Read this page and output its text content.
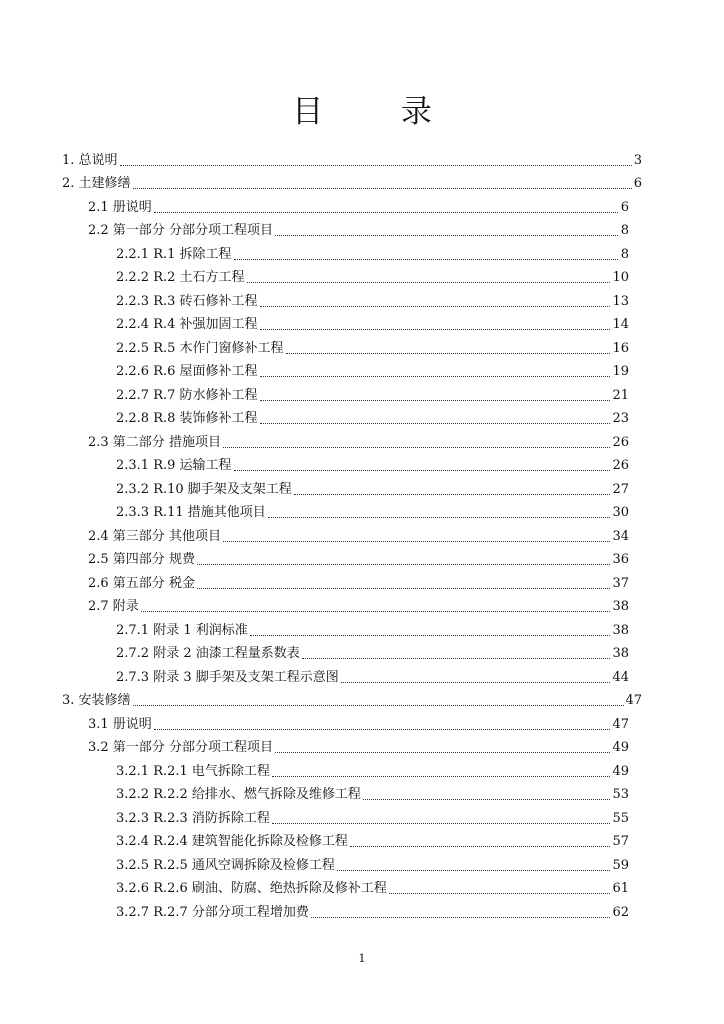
目 录
1. 总说明	3
2. 土建修缮	6
2.1 册说明	6
2.2 第一部分 分部分项工程项目	8
2.2.1 R.1 拆除工程	8
2.2.2 R.2 土石方工程	10
2.2.3 R.3 砖石修补工程	13
2.2.4 R.4 补强加固工程	14
2.2.5 R.5 木作门窗修补工程	16
2.2.6 R.6 屋面修补工程	19
2.2.7 R.7 防水修补工程	21
2.2.8 R.8 装饰修补工程	23
2.3 第二部分 措施项目	26
2.3.1 R.9 运输工程	26
2.3.2 R.10 脚手架及支架工程	27
2.3.3 R.11 措施其他项目	30
2.4 第三部分 其他项目	34
2.5 第四部分 规费	36
2.6 第五部分 税金	37
2.7 附录	38
2.7.1 附录 1 利润标准	38
2.7.2 附录 2 油漆工程量系数表	38
2.7.3 附录 3 脚手架及支架工程示意图	44
3. 安装修缮	47
3.1 册说明	47
3.2 第一部分 分部分项工程项目	49
3.2.1 R.2.1 电气拆除工程	49
3.2.2 R.2.2 给排水、燃气拆除及维修工程	53
3.2.3 R.2.3 消防拆除工程	55
3.2.4 R.2.4 建筑智能化拆除及检修工程	57
3.2.5 R.2.5 通风空调拆除及检修工程	59
3.2.6 R.2.6 刷油、防腐、绝热拆除及修补工程	61
3.2.7 R.2.7 分部分项工程增加费	62
1
